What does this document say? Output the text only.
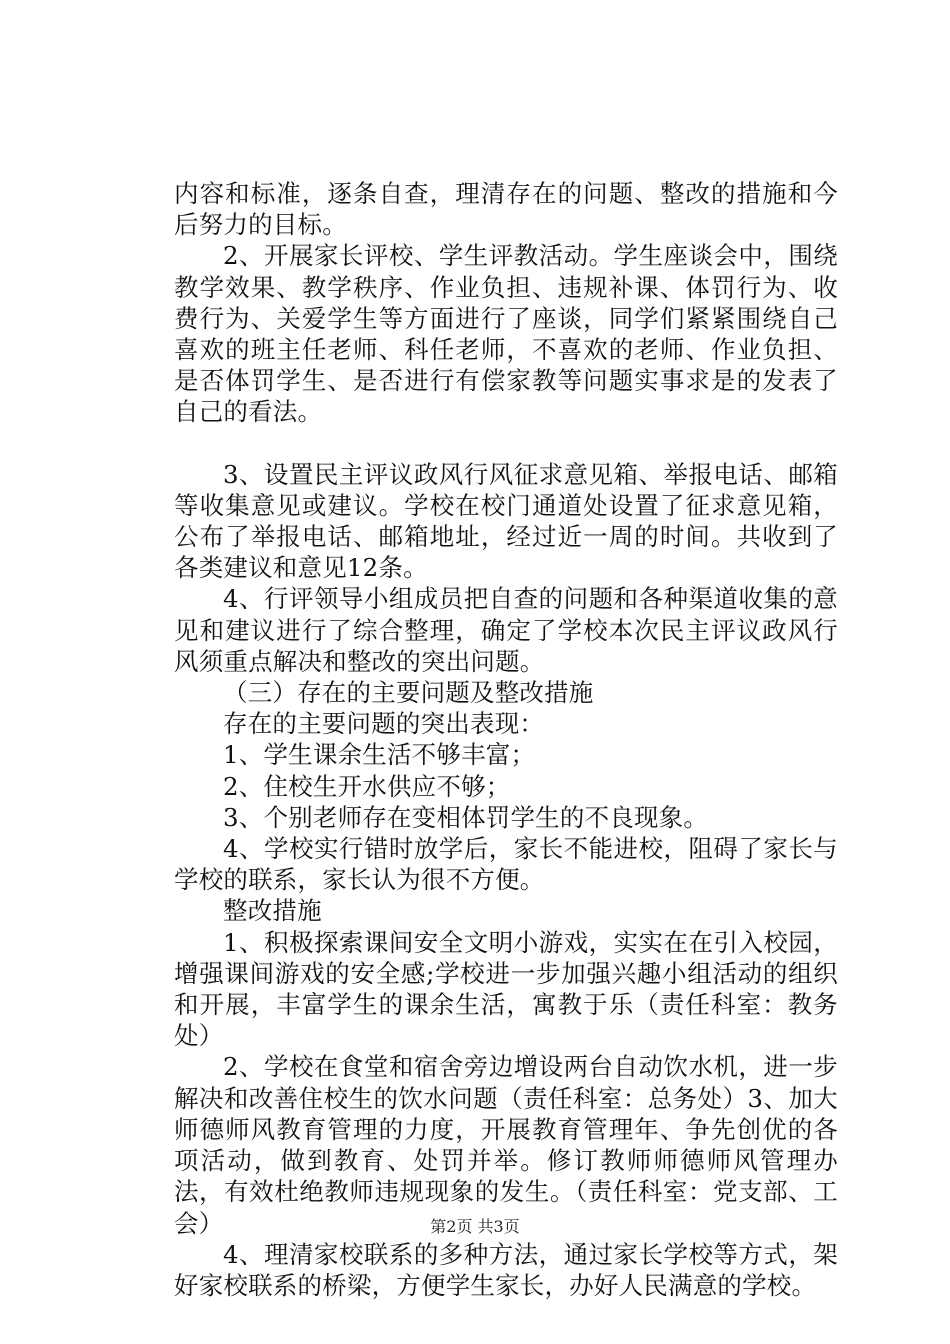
内容和标准，逐条自查，理清存在的问题、整改的措施和今后努力的目标。

2、开展家长评校、学生评教活动。学生座谈会中，围绕教学效果、教学秩序、作业负担、违规补课、体罚行为、收费行为、关爱学生等方面进行了座谈，同学们紧紧围绕自己喜欢的班主任老师、科任老师，不喜欢的老师、作业负担、是否体罚学生、是否进行有偿家教等问题实事求是的发表了自己的看法。

3、设置民主评议政风行风征求意见箱、举报电话、邮箱等收集意见或建议。学校在校门通道处设置了征求意见箱，公布了举报电话、邮箱地址，经过近一周的时间。共收到了各类建议和意见12条。

4、行评领导小组成员把自查的问题和各种渠道收集的意见和建议进行了综合整理，确定了学校本次民主评议政风行风须重点解决和整改的突出问题。

（三）存在的主要问题及整改措施

存在的主要问题的突出表现：

1、学生课余生活不够丰富；

2、住校生开水供应不够；

3、个别老师存在变相体罚学生的不良现象。

4、学校实行错时放学后，家长不能进校，阻碍了家长与学校的联系，家长认为很不方便。

整改措施

1、积极探索课间安全文明小游戏，实实在在引入校园，增强课间游戏的安全感;学校进一步加强兴趣小组活动的组织和开展，丰富学生的课余生活，寓教于乐（责任科室：教务处）

2、学校在食堂和宿舍旁边增设两台自动饮水机，进一步解决和改善住校生的饮水问题（责任科室：总务处）3、加大师德师风教育管理的力度，开展教育管理年、争先创优的各项活动，做到教育、处罚并举。修订教师师德师风管理办法，有效杜绝教师违规现象的发生。（责任科室：党支部、工会）

4、理清家校联系的多种方法，通过家长学校等方式，架好家校联系的桥梁，方便学生家长，办好人民满意的学校。

第2页 共3页
